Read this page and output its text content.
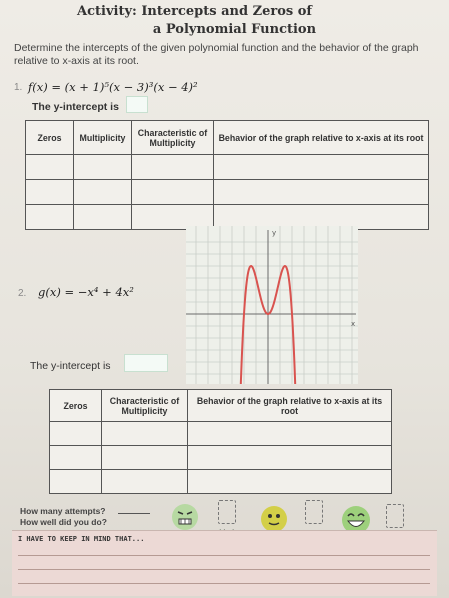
Activity: Intercepts and Zeros of
a Polynomial Function
Determine the intercepts of the given polynomial function and the behavior of the graph relative to x-axis at its root.
1. f(x) = (x + 1)⁵(x − 3)³(x − 4)²
The y-intercept is
Zeros	Multiplicity	Characteristic of Multiplicity	Behavior of the graph relative to x-axis at its root

x
y
2. g(x) = −x⁴ + 4x²
The y-intercept is
Zeros	Characteristic of Multiplicity	Behavior of the graph relative to x-axis at its root

How many attempts?
How well did you do?
I HAVE TO KEEP IN MIND THAT...
